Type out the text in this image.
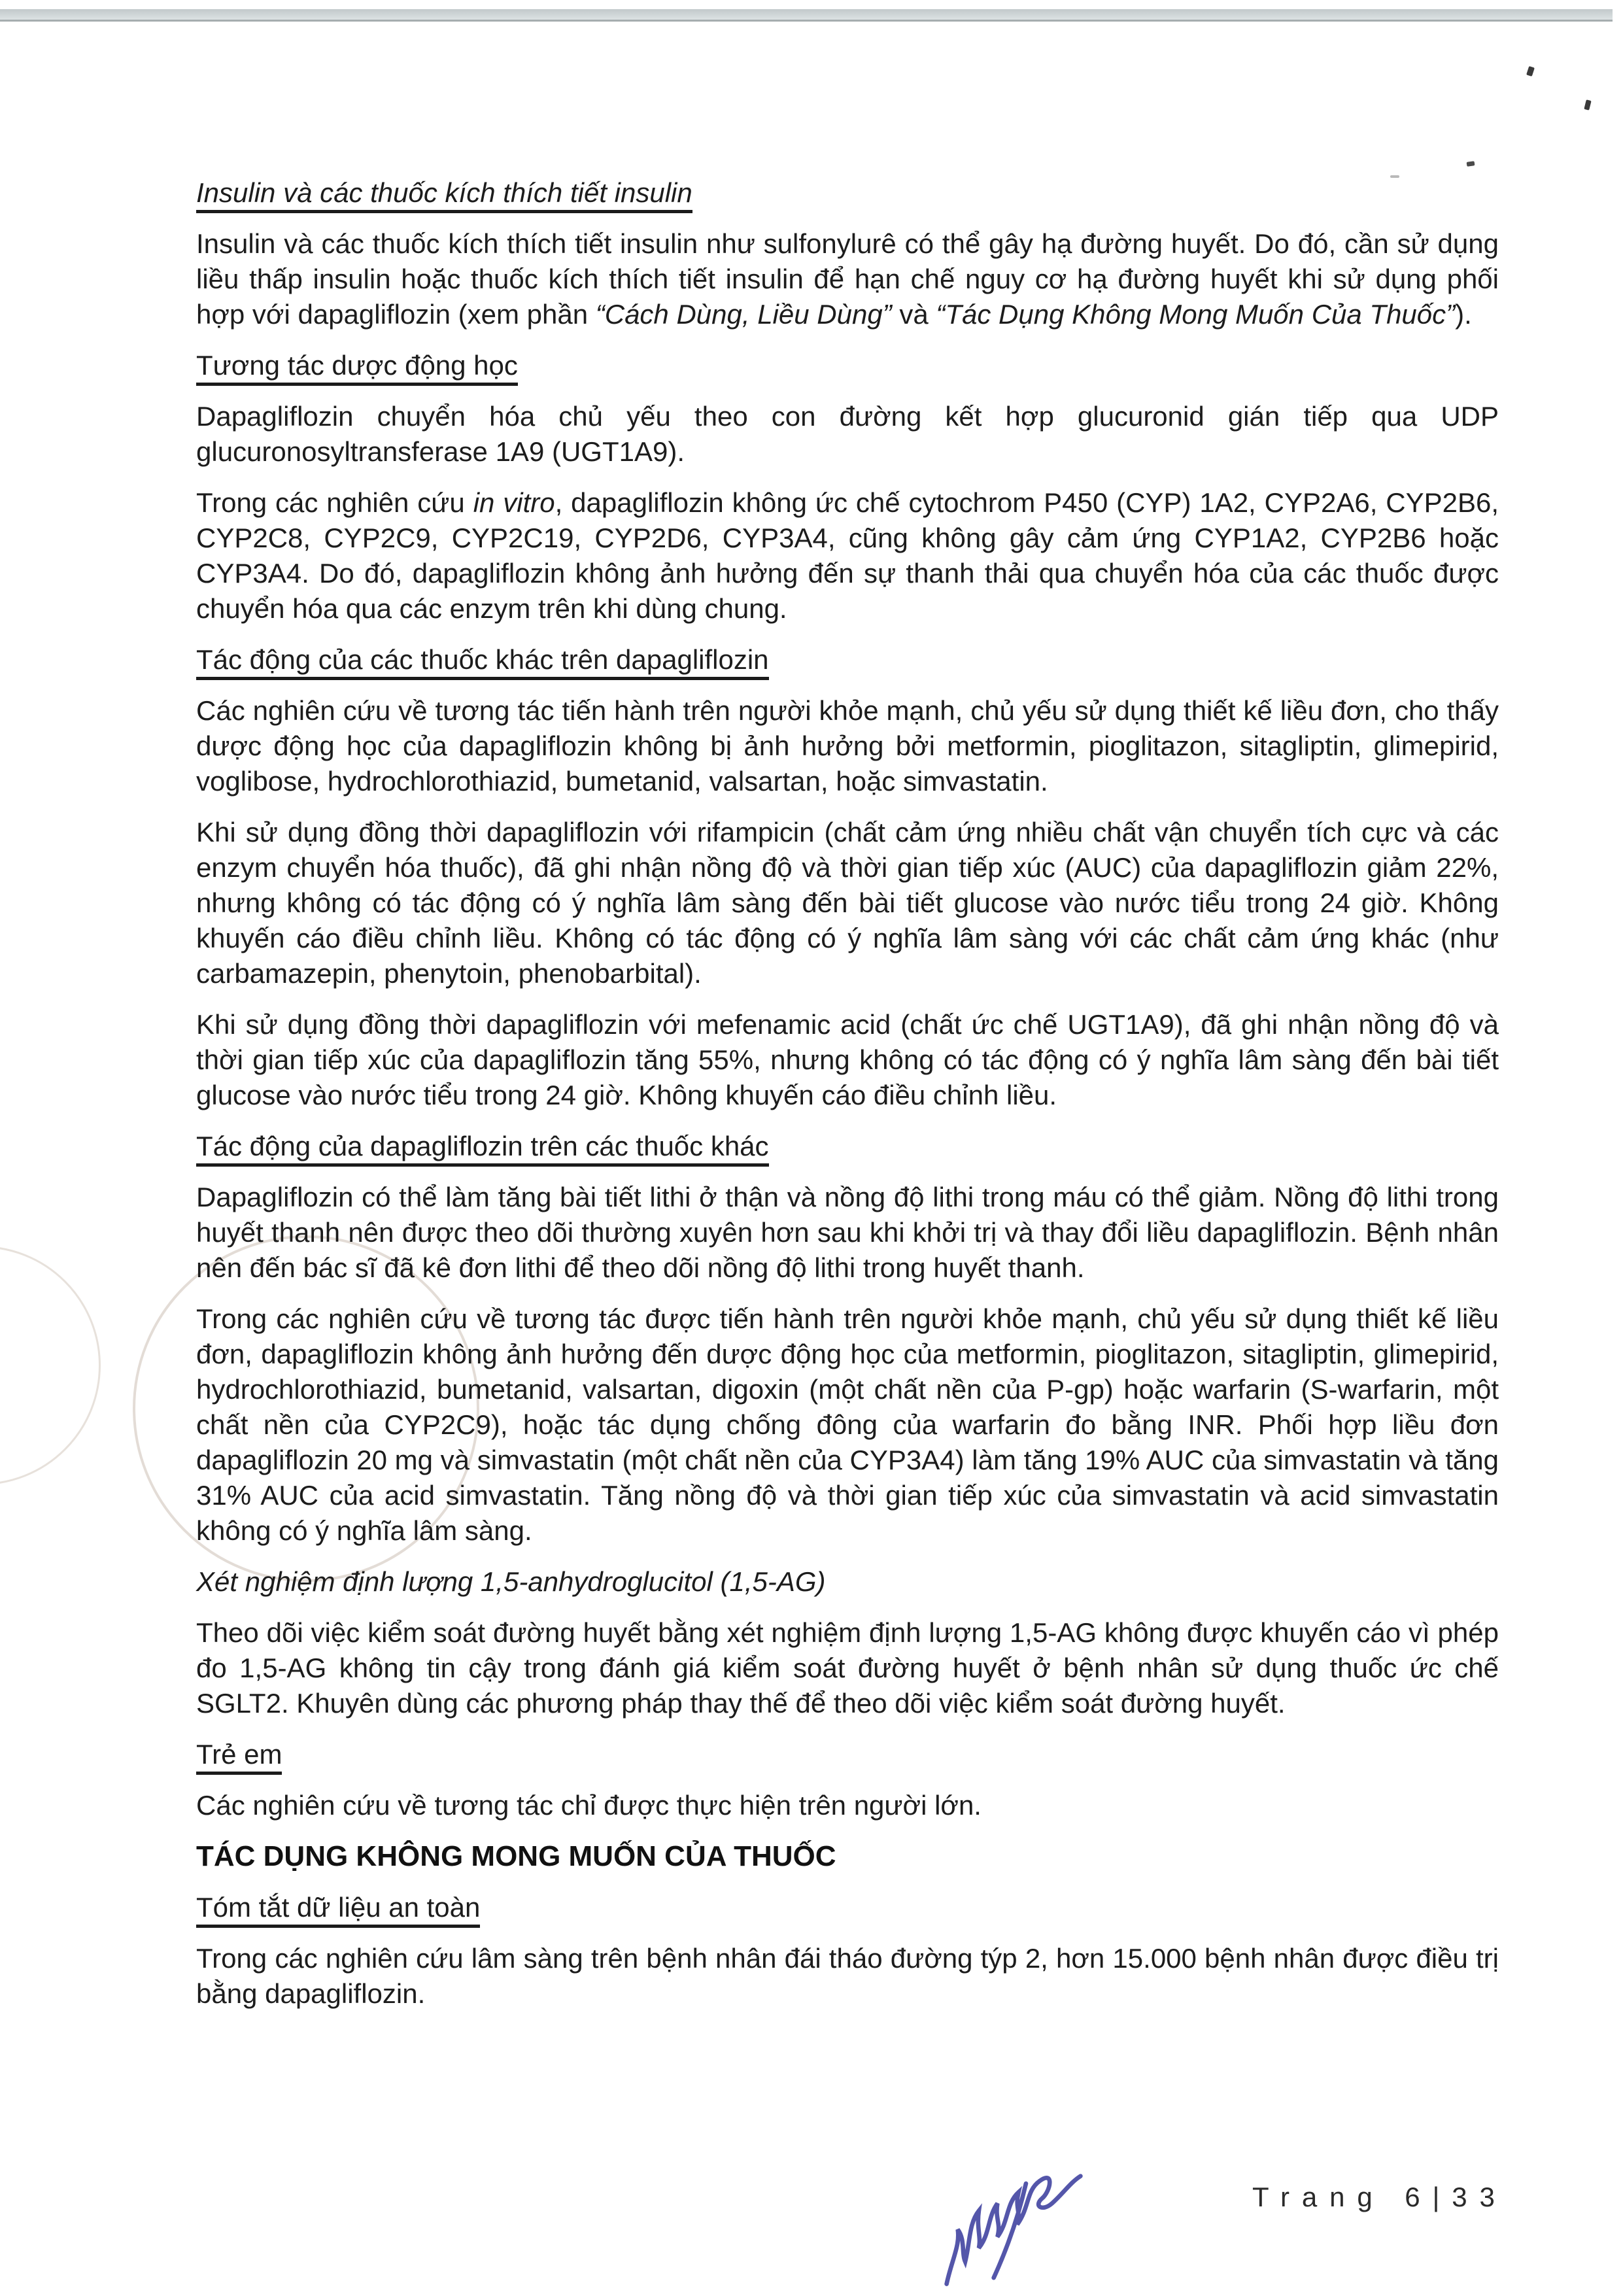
Insulin và các thuốc kích thích tiết insulin

Insulin và các thuốc kích thích tiết insulin như sulfonylurê có thể gây hạ đường huyết. Do đó, cần sử dụng liều thấp insulin hoặc thuốc kích thích tiết insulin để hạn chế nguy cơ hạ đường huyết khi sử dụng phối hợp với dapagliflozin (xem phần “Cách Dùng, Liều Dùng” và “Tác Dụng Không Mong Muốn Của Thuốc”).

Tương tác dược động học

Dapagliflozin chuyển hóa chủ yếu theo con đường kết hợp glucuronid gián tiếp qua UDP glucuronosyltransferase 1A9 (UGT1A9).

Trong các nghiên cứu in vitro, dapagliflozin không ức chế cytochrom P450 (CYP) 1A2, CYP2A6, CYP2B6, CYP2C8, CYP2C9, CYP2C19, CYP2D6, CYP3A4, cũng không gây cảm ứng CYP1A2, CYP2B6 hoặc CYP3A4. Do đó, dapagliflozin không ảnh hưởng đến sự thanh thải qua chuyển hóa của các thuốc được chuyển hóa qua các enzym trên khi dùng chung.

Tác động của các thuốc khác trên dapagliflozin

Các nghiên cứu về tương tác tiến hành trên người khỏe mạnh, chủ yếu sử dụng thiết kế liều đơn, cho thấy dược động học của dapagliflozin không bị ảnh hưởng bởi metformin, pioglitazon, sitagliptin, glimepirid, voglibose, hydrochlorothiazid, bumetanid, valsartan, hoặc simvastatin.

Khi sử dụng đồng thời dapagliflozin với rifampicin (chất cảm ứng nhiều chất vận chuyển tích cực và các enzym chuyển hóa thuốc), đã ghi nhận nồng độ và thời gian tiếp xúc (AUC) của dapagliflozin giảm 22%, nhưng không có tác động có ý nghĩa lâm sàng đến bài tiết glucose vào nước tiểu trong 24 giờ. Không khuyến cáo điều chỉnh liều. Không có tác động có ý nghĩa lâm sàng với các chất cảm ứng khác (như carbamazepin, phenytoin, phenobarbital).

Khi sử dụng đồng thời dapagliflozin với mefenamic acid (chất ức chế UGT1A9), đã ghi nhận nồng độ và thời gian tiếp xúc của dapagliflozin tăng 55%, nhưng không có tác động có ý nghĩa lâm sàng đến bài tiết glucose vào nước tiểu trong 24 giờ. Không khuyến cáo điều chỉnh liều.

Tác động của dapagliflozin trên các thuốc khác

Dapagliflozin có thể làm tăng bài tiết lithi ở thận và nồng độ lithi trong máu có thể giảm. Nồng độ lithi trong huyết thanh nên được theo dõi thường xuyên hơn sau khi khởi trị và thay đổi liều dapagliflozin. Bệnh nhân nên đến bác sĩ đã kê đơn lithi để theo dõi nồng độ lithi trong huyết thanh.

Trong các nghiên cứu về tương tác được tiến hành trên người khỏe mạnh, chủ yếu sử dụng thiết kế liều đơn, dapagliflozin không ảnh hưởng đến dược động học của metformin, pioglitazon, sitagliptin, glimepirid, hydrochlorothiazid, bumetanid, valsartan, digoxin (một chất nền của P-gp) hoặc warfarin (S-warfarin, một chất nền của CYP2C9), hoặc tác dụng chống đông của warfarin đo bằng INR. Phối hợp liều đơn dapagliflozin 20 mg và simvastatin (một chất nền của CYP3A4) làm tăng 19% AUC của simvastatin và tăng 31% AUC của acid simvastatin. Tăng nồng độ và thời gian tiếp xúc của simvastatin và acid simvastatin không có ý nghĩa lâm sàng.

Xét nghiệm định lượng 1,5-anhydroglucitol (1,5-AG)

Theo dõi việc kiểm soát đường huyết bằng xét nghiệm định lượng 1,5-AG không được khuyến cáo vì phép đo 1,5-AG không tin cậy trong đánh giá kiểm soát đường huyết ở bệnh nhân sử dụng thuốc ức chế SGLT2. Khuyên dùng các phương pháp thay thế để theo dõi việc kiểm soát đường huyết.

Trẻ em

Các nghiên cứu về tương tác chỉ được thực hiện trên người lớn.

TÁC DỤNG KHÔNG MONG MUỐN CỦA THUỐC
Tóm tắt dữ liệu an toàn

Trong các nghiên cứu lâm sàng trên bệnh nhân đái tháo đường týp 2, hơn 15.000 bệnh nhân được điều trị bằng dapagliflozin.

Trang 6|33
